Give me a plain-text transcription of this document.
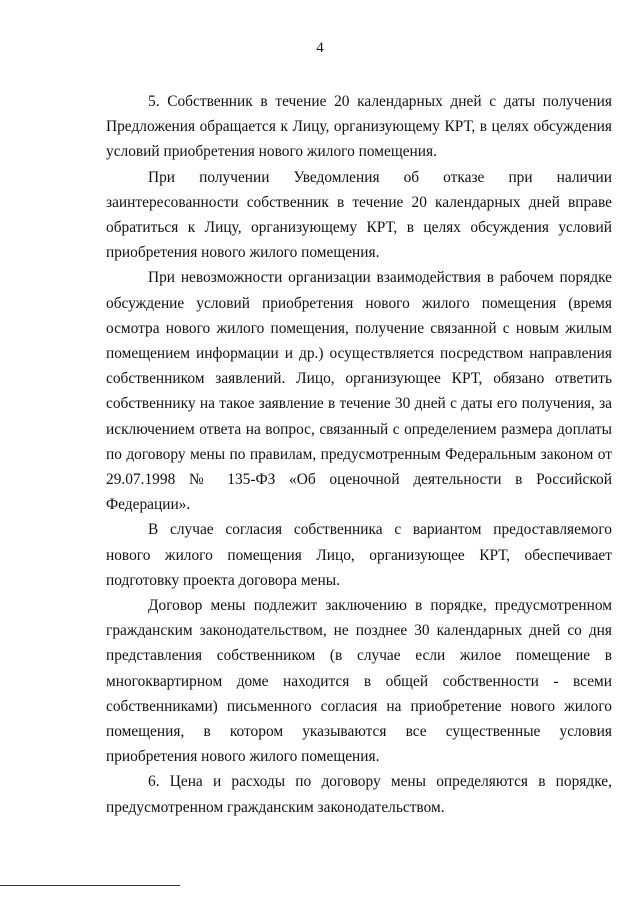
4

5. Собственник в течение 20 календарных дней с даты получения Предложения обращается к Лицу, организующему КРТ, в целях обсуждения условий приобретения нового жилого помещения.

При получении Уведомления об отказе при наличии заинтересованности собственник в течение 20 календарных дней вправе обратиться к Лицу, организующему КРТ, в целях обсуждения условий приобретения нового жилого помещения.

При невозможности организации взаимодействия в рабочем порядке обсуждение условий приобретения нового жилого помещения (время осмотра нового жилого помещения, получение связанной с новым жилым помещением информации и др.) осуществляется посредством направления собственником заявлений. Лицо, организующее КРТ, обязано ответить собственнику на такое заявление в течение 30 дней с даты его получения, за исключением ответа на вопрос, связанный с определением размера доплаты по договору мены по правилам, предусмотренным Федеральным законом от 29.07.1998 № 135-ФЗ «Об оценочной деятельности в Российской Федерации».

В случае согласия собственника с вариантом предоставляемого нового жилого помещения Лицо, организующее КРТ, обеспечивает подготовку проекта договора мены.

Договор мены подлежит заключению в порядке, предусмотренном гражданским законодательством, не позднее 30 календарных дней со дня представления собственником (в случае если жилое помещение в многоквартирном доме находится в общей собственности - всеми собственниками) письменного согласия на приобретение нового жилого помещения, в котором указываются все существенные условия приобретения нового жилого помещения.

6. Цена и расходы по договору мены определяются в порядке, предусмотренном гражданским законодательством.
